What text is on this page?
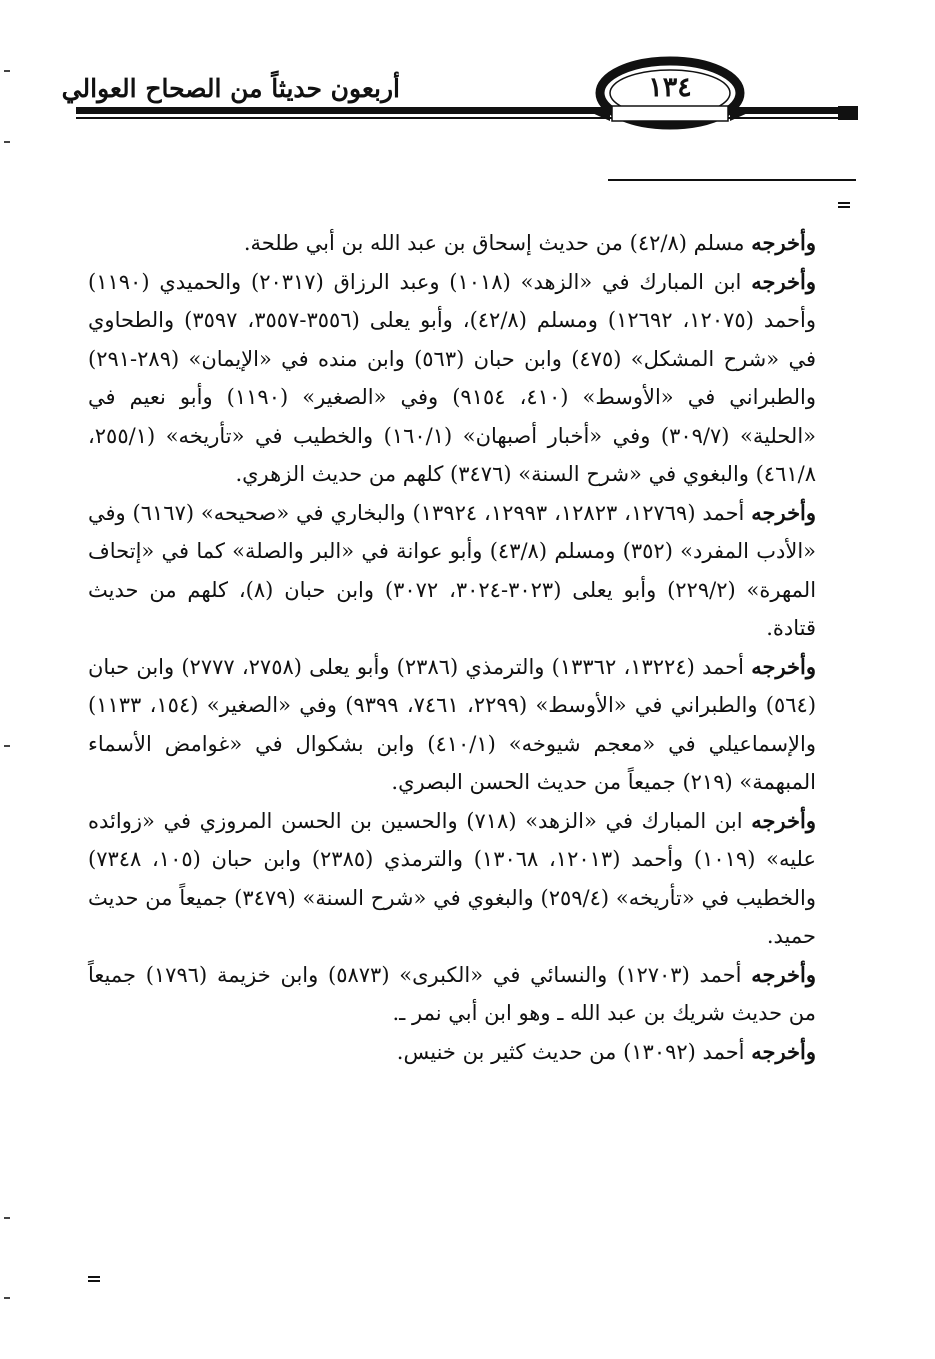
أربعون حديثاً من الصحاح العوالي	١٣٤

وأخرجه مسلم (٤٢/٨) من حديث إسحاق بن عبد الله بن أبي طلحة.

وأخرجه ابن المبارك في «الزهد» (١٠١٨) وعبد الرزاق (٢٠٣١٧) والحميدي (١١٩٠) وأحمد (١٢٠٧٥، ١٢٦٩٢) ومسلم (٤٢/٨)، وأبو يعلى (٣٥٥٦-٣٥٥٧، ٣٥٩٧) والطحاوي في «شرح المشكل» (٤٧٥) وابن حبان (٥٦٣) وابن منده في «الإيمان» (٢٨٩-٢٩١) والطبراني في «الأوسط» (٤١٠، ٩١٥٤) وفي «الصغير» (١١٩٠) وأبو نعيم في «الحلية» (٣٠٩/٧) وفي «أخبار أصبهان» (١٦٠/١) والخطيب في «تأريخه» (٢٥٥/١، ٤٦١/٨) والبغوي في «شرح السنة» (٣٤٧٦) كلهم من حديث الزهري.

وأخرجه أحمد (١٢٧٦٩، ١٢٨٢٣، ١٢٩٩٣، ١٣٩٢٤) والبخاري في «صحيحه» (٦١٦٧) وفي «الأدب المفرد» (٣٥٢) ومسلم (٤٣/٨) وأبو عوانة في «البر والصلة» كما في «إتحاف المهرة» (٢٢٩/٢) وأبو يعلى (٣٠٢٣-٣٠٢٤، ٣٠٧٢) وابن حبان (٨)، كلهم من حديث قتادة.

وأخرجه أحمد (١٣٢٢٤، ١٣٣٦٢) والترمذي (٢٣٨٦) وأبو يعلى (٢٧٥٨، ٢٧٧٧) وابن حبان (٥٦٤) والطبراني في «الأوسط» (٢٢٩٩، ٧٤٦١، ٩٣٩٩) وفي «الصغير» (١٥٤، ١١٣٣) والإسماعيلي في «معجم شيوخه» (٤١٠/١) وابن بشكوال في «غوامض الأسماء المبهمة» (٢١٩) جميعاً من حديث الحسن البصري.

وأخرجه ابن المبارك في «الزهد» (٧١٨) والحسين بن الحسن المروزي في «زوائده عليه» (١٠١٩) وأحمد (١٢٠١٣، ١٣٠٦٨) والترمذي (٢٣٨٥) وابن حبان (١٠٥، ٧٣٤٨) والخطيب في «تأريخه» (٢٥٩/٤) والبغوي في «شرح السنة» (٣٤٧٩) جميعاً من حديث حميد.

وأخرجه أحمد (١٢٧٠٣) والنسائي في «الكبرى» (٥٨٧٣) وابن خزيمة (١٧٩٦) جميعاً من حديث شريك بن عبد الله ـ وهو ابن أبي نمر ـ.

وأخرجه أحمد (١٣٠٩٢) من حديث كثير بن خنيس.
